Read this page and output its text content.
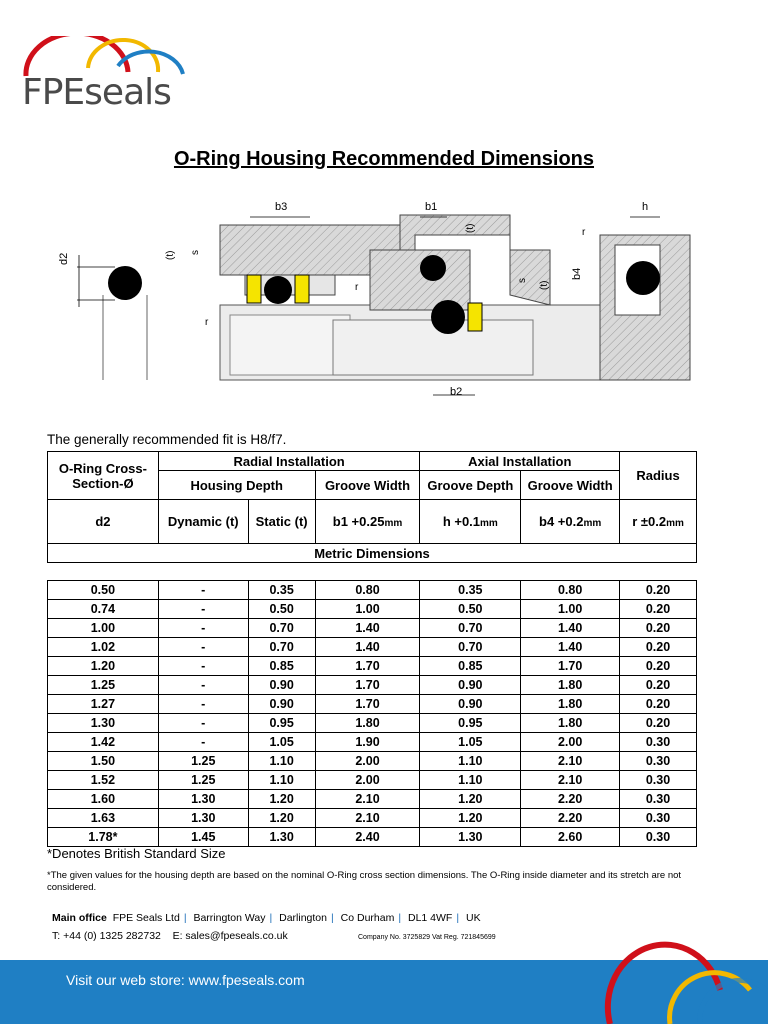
FPEseals
O-Ring Housing Recommended Dimensions
d2
b3	b1
b2
h
b4
(t) s
(t)
s
(t)
r
r
r
The generally recommended fit is H8/f7.
O-Ring Cross-Section-Ø	Radial Installation			Axial Installation		Radius
	Housing Depth		Groove Width	Groove Depth	Groove Width	
d2	Dynamic (t)	Static (t)	b1 +0.25mm	h +0.1mm	b4 +0.2mm	r ±0.2mm
Metric Dimensions						
0.50	-	0.35	0.80	0.35	0.80	0.20
0.74	-	0.50	1.00	0.50	1.00	0.20
1.00	-	0.70	1.40	0.70	1.40	0.20
1.02	-	0.70	1.40	0.70	1.40	0.20
1.20	-	0.85	1.70	0.85	1.70	0.20
1.25	-	0.90	1.70	0.90	1.80	0.20
1.27	-	0.90	1.70	0.90	1.80	0.20
1.30	-	0.95	1.80	0.95	1.80	0.20
1.42	-	1.05	1.90	1.05	2.00	0.30
1.50	1.25	1.10	2.00	1.10	2.10	0.30
1.52	1.25	1.10	2.00	1.10	2.10	0.30
1.60	1.30	1.20	2.10	1.20	2.20	0.30
1.63	1.30	1.20	2.10	1.20	2.20	0.30
1.78*	1.45	1.30	2.40	1.30	2.60	0.30
*Denotes British Standard Size
*The given values for the housing depth are based on the nominal O-Ring cross section dimensions. The O-Ring inside diameter and its stretch are not considered.
Main office FPE Seals Ltd | Barrington Way | Darlington | Co Durham | DL1 4WF | UK
T: +44 (0) 1325 282732 E: sales@fpeseals.co.uk	Company No. 3725829 Vat Reg. 721845699
Visit our web store: www.fpeseals.com
